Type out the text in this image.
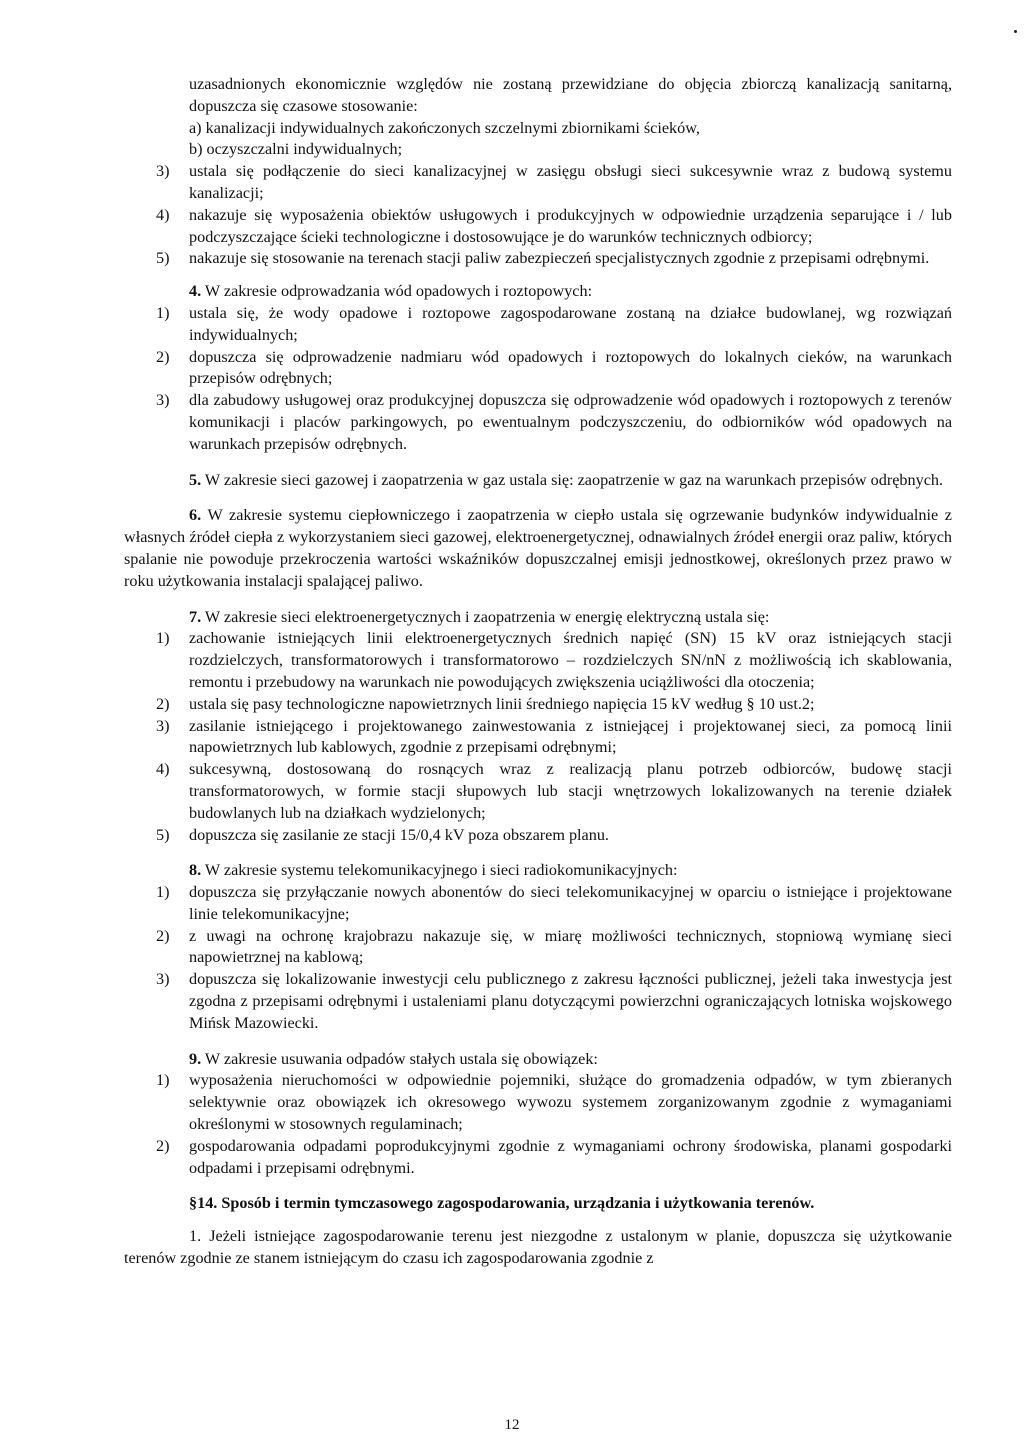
uzasadnionych ekonomicznie względów nie zostaną przewidziane do objęcia zbiorczą kanalizacją sanitarną, dopuszcza się czasowe stosowanie:

a) kanalizacji indywidualnych zakończonych szczelnymi zbiornikami ścieków,

b) oczyszczalni indywidualnych;

3) ustala się podłączenie do sieci kanalizacyjnej w zasięgu obsługi sieci sukcesywnie wraz z budową systemu kanalizacji;

4) nakazuje się wyposażenia obiektów usługowych i produkcyjnych w odpowiednie urządzenia separujące i / lub podczyszczające ścieki technologiczne i dostosowujące je do warunków technicznych odbiorcy;

5) nakazuje się stosowanie na terenach stacji paliw zabezpieczeń specjalistycznych zgodnie z przepisami odrębnymi.

4. W zakresie odprowadzania wód opadowych i roztopowych:

1) ustala się, że wody opadowe i roztopowe zagospodarowane zostaną na działce budowlanej, wg rozwiązań indywidualnych;

2) dopuszcza się odprowadzenie nadmiaru wód opadowych i roztopowych do lokalnych cieków, na warunkach przepisów odrębnych;

3) dla zabudowy usługowej oraz produkcyjnej dopuszcza się odprowadzenie wód opadowych i roztopowych z terenów komunikacji i placów parkingowych, po ewentualnym podczyszczeniu, do odbiorników wód opadowych na warunkach przepisów odrębnych.

5. W zakresie sieci gazowej i zaopatrzenia w gaz ustala się: zaopatrzenie w gaz na warunkach przepisów odrębnych.

6. W zakresie systemu ciepłowniczego i zaopatrzenia w ciepło ustala się ogrzewanie budynków indywidualnie z własnych źródeł ciepła z wykorzystaniem sieci gazowej, elektroenergetycznej, odnawialnych źródeł energii oraz paliw, których spalanie nie powoduje przekroczenia wartości wskaźników dopuszczalnej emisji jednostkowej, określonych przez prawo w roku użytkowania instalacji spalającej paliwo.

7. W zakresie sieci elektroenergetycznych i zaopatrzenia w energię elektryczną ustala się:

1) zachowanie istniejących linii elektroenergetycznych średnich napięć (SN) 15 kV oraz istniejących stacji rozdzielczych, transformatorowych i transformatorowo – rozdzielczych SN/nN z możliwością ich skablowania, remontu i przebudowy na warunkach nie powodujących zwiększenia uciążliwości dla otoczenia;

2) ustala się pasy technologiczne napowietrznych linii średniego napięcia 15 kV według § 10 ust.2;

3) zasilanie istniejącego i projektowanego zainwestowania z istniejącej i projektowanej sieci, za pomocą linii napowietrznych lub kablowych, zgodnie z przepisami odrębnymi;

4) sukcesywną, dostosowaną do rosnących wraz z realizacją planu potrzeb odbiorców, budowę stacji transformatorowych, w formie stacji słupowych lub stacji wnętrzowych lokalizowanych na terenie działek budowlanych lub na działkach wydzielonych;

5) dopuszcza się zasilanie ze stacji 15/0,4 kV poza obszarem planu.

8. W zakresie systemu telekomunikacyjnego i sieci radiokomunikacyjnych:

1) dopuszcza się przyłączanie nowych abonentów do sieci telekomunikacyjnej w oparciu o istniejące i projektowane linie telekomunikacyjne;

2) z uwagi na ochronę krajobrazu nakazuje się, w miarę możliwości technicznych, stopniową wymianę sieci napowietrznej na kablową;

3) dopuszcza się lokalizowanie inwestycji celu publicznego z zakresu łączności publicznej, jeżeli taka inwestycja jest zgodna z przepisami odrębnymi i ustaleniami planu dotyczącymi powierzchni ograniczających lotniska wojskowego Mińsk Mazowiecki.

9. W zakresie usuwania odpadów stałych ustala się obowiązek:

1) wyposażenia nieruchomości w odpowiednie pojemniki, służące do gromadzenia odpadów, w tym zbieranych selektywnie oraz obowiązek ich okresowego wywozu systemem zorganizowanym zgodnie z wymaganiami określonymi w stosownych regulaminach;

2) gospodarowania odpadami poprodukcyjnymi zgodnie z wymaganiami ochrony środowiska, planami gospodarki odpadami i przepisami odrębnymi.

§14. Sposób i termin tymczasowego zagospodarowania, urządzania i użytkowania terenów.

1. Jeżeli istniejące zagospodarowanie terenu jest niezgodne z ustalonym w planie, dopuszcza się użytkowanie terenów zgodnie ze stanem istniejącym do czasu ich zagospodarowania zgodnie z

12
